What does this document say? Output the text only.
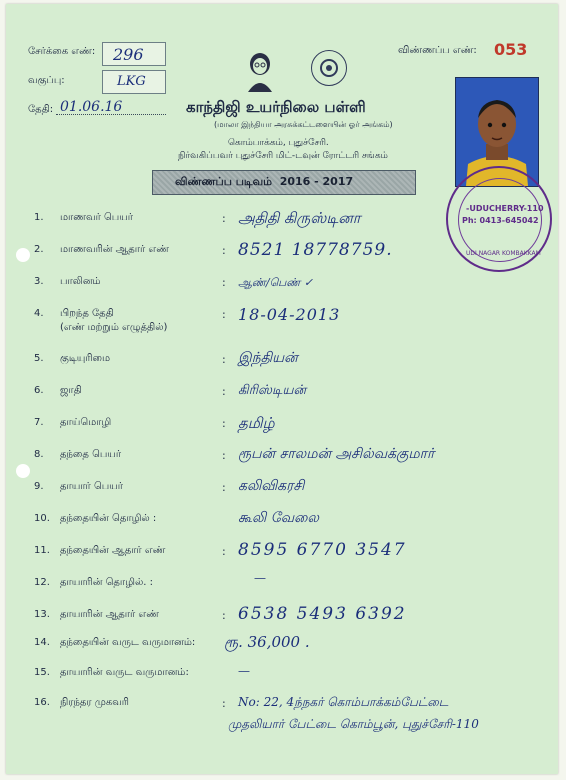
சேர்க்கை எண்: 296
வகுப்பு:	LKG
தேதி: 01.06.16
விண்ணப்ப எண்: 053
காந்திஜி உயர்நிலை பள்ளி
(மாலா இந்தியா அரசுக்கட்டளையின் ஓர் அங்கம்)
கொம்பாக்கம், புதுச்சேரி.
நிர்வகிப்பவர் புதுச்சேரி மிட்-டவுன் ரோட்டரி சங்கம்
விண்ணப்ப படிவம்  2016 - 2017
-UDUCHERRY-110
Ph: 0413-645042
UDI NAGAR KOMBAKKAM
1. மாணவர் பெயர்	: அதிதி கிருஸ்டினா
2. மாணவரின் ஆதார் எண்	: 8521 18778759.
3. பாலினம்	: ஆண்/பெண் ✓
4. பிறந்த தேதி
(எண் மற்றும் எழுத்தில்)
: 18-04-2013
5. குடியுரிமை	: இந்தியன்
6. ஜாதி	: கிரிஸ்டியன்
7. தாய்மொழி	: தமிழ்
8. தந்தை பெயர்	: ரூபன் சாலமன் அசில்வக்குமார்
9. தாயார் பெயர்	: கலிவிகரசி
10. தந்தையின் தொழில் :	கூலி வேலை
11. தந்தையின் ஆதார் எண்	: 8595 6770 3547
12. தாயாரின் தொழில். :	—
13. தாயாரின் ஆதார் எண்	: 6538 5493 6392
14. தந்தையின் வருட வருமானம்: ரூ. 36,000 .
15. தாயாரின் வருட வருமானம்:	—
16. நிரந்தர முகவரி	: No: 22, 4ந்நகர் கொம்பாக்கம்பேட்டை
முதலியார் பேட்டை கொம்பூன், புதுச்சேரி-110
